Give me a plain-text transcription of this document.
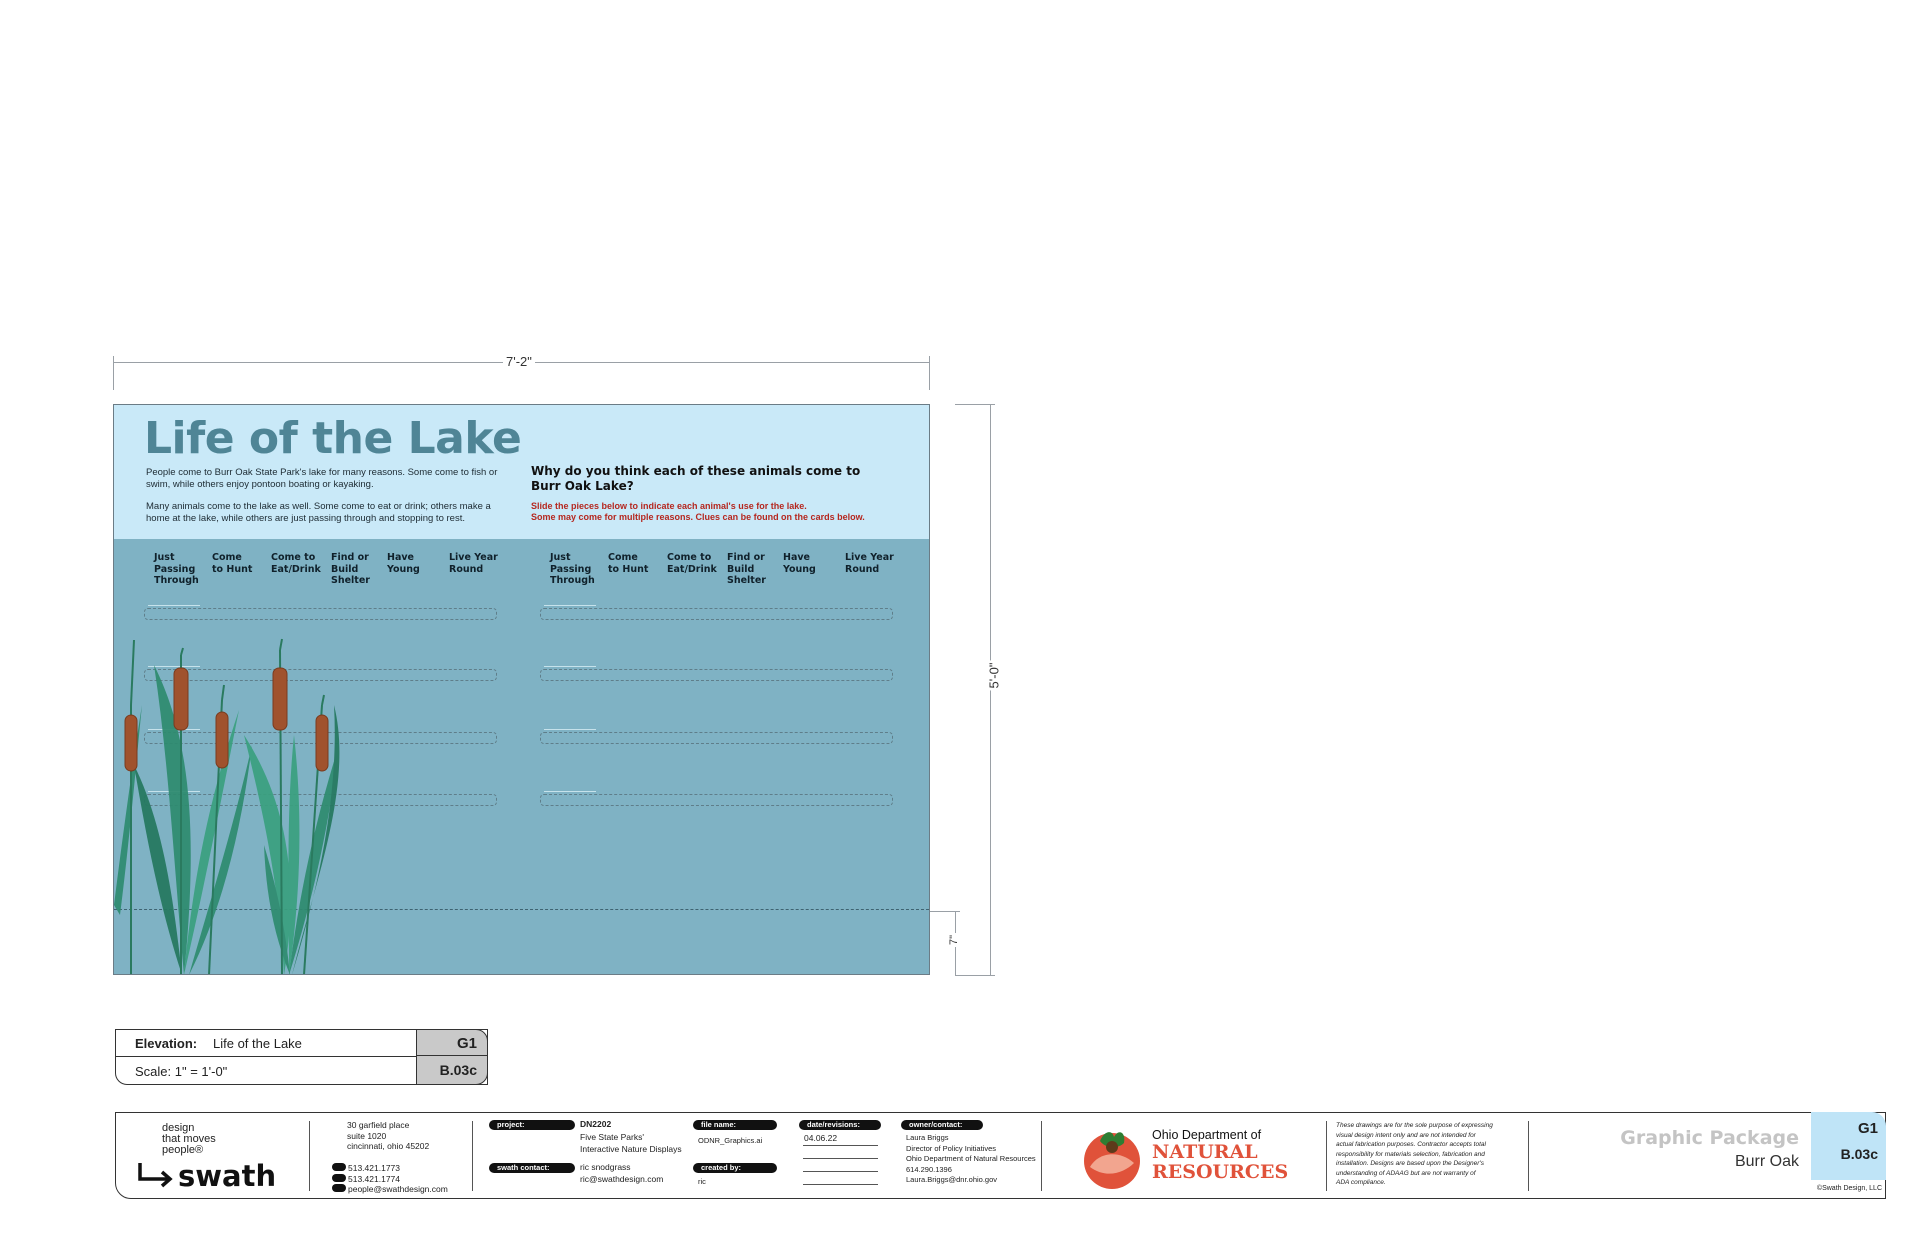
7'-2"
5'-0"
7"
Life of the Lake
People come to Burr Oak State Park's lake for many reasons. Some come to fish or swim, while others enjoy pontoon boating or kayaking.
Many animals come to the lake as well. Some come to eat or drink; others make a home at the lake, while others are just passing through and stopping to rest.
Why do you think each of these animals come to Burr Oak Lake?
Slide the pieces below to indicate each animal's use for the lake.
Some may come for multiple reasons. Clues can be found on the cards below.
Just
Passing
Through
Come
to Hunt
Come to
Eat/Drink
Find or
Build
Shelter
Have
Young
Live Year
Round
Just
Passing
Through
Come
to Hunt
Come to
Eat/Drink
Find or
Build
Shelter
Have
Young
Live Year
Round
Elevation: Life of the Lake
Scale: 1" = 1'-0"
G1
B.03c
design
that moves
people®
swath
30 garfield place
suite 1020
cincinnati, ohio 45202
513.421.1773
513.421.1774
people@swathdesign.com
project:	DN2202
Five State Parks'
Interactive Nature Displays
swath contact:	ric snodgrass
ric@swathdesign.com
file name:
ODNR_Graphics.ai
created by:
ric
date/revisions:
04.06.22
owner/contact:
Laura Briggs
Director of Policy Initiatives
Ohio Department of Natural Resources
614.290.1396
Laura.Briggs@dnr.ohio.gov
Ohio Department of
NATURAL
RESOURCES
These drawings are for the sole purpose of expressing
visual design intent only and are not intended for
actual fabrication purposes. Contractor accepts total
responsibility for materials selection, fabrication and
installation. Designs are based upon the Designer's
understanding of ADAAG but are not warranty of
ADA compliance.
Graphic Package
Burr Oak
G1
B.03c
©Swath Design, LLC
